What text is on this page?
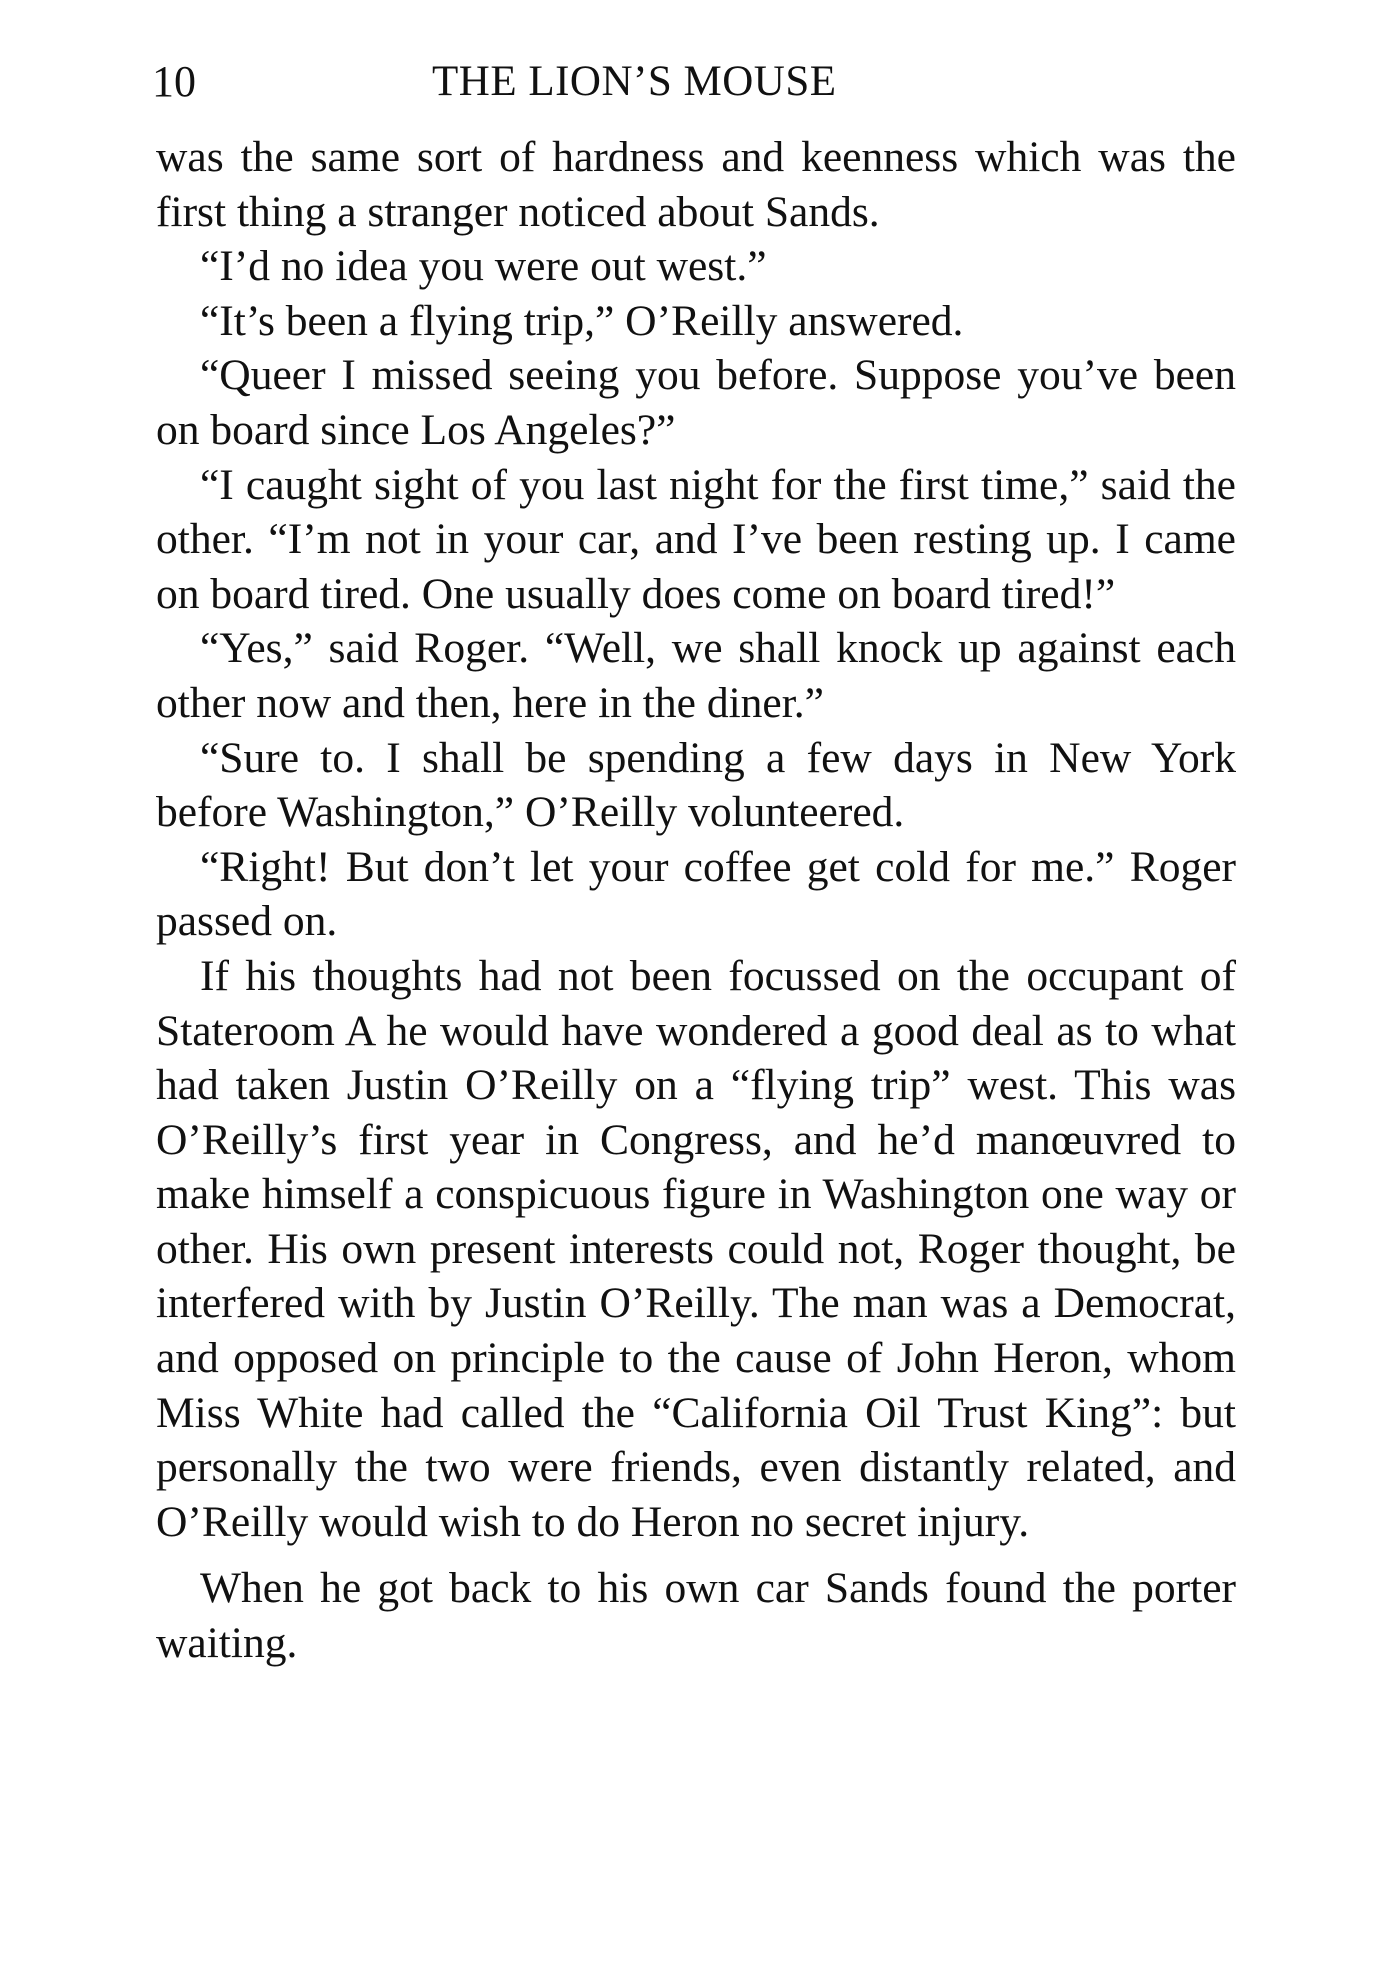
10	THE LION’S MOUSE

was the same sort of hardness and keenness which was the first thing a stranger noticed about Sands.

“I’d no idea you were out west.”

“It’s been a flying trip,” O’Reilly answered.

“Queer I missed seeing you before. Suppose you’ve been on board since Los Angeles?”

“I caught sight of you last night for the first time,” said the other. “I’m not in your car, and I’ve been resting up. I came on board tired. One usually does come on board tired!”

“Yes,” said Roger. “Well, we shall knock up against each other now and then, here in the diner.”

“Sure to. I shall be spending a few days in New York before Washington,” O’Reilly volunteered.

“Right! But don’t let your coffee get cold for me.” Roger passed on.

If his thoughts had not been focussed on the occupant of Stateroom A he would have wondered a good deal as to what had taken Justin O’Reilly on a “flying trip” west. This was O’Reilly’s first year in Congress, and he’d manœuvred to make himself a conspicuous figure in Washington one way or other. His own present interests could not, Roger thought, be interfered with by Justin O’Reilly. The man was a Democrat, and opposed on principle to the cause of John Heron, whom Miss White had called the “California Oil Trust King”: but personally the two were friends, even distantly related, and O’Reilly would wish to do Heron no secret injury.

When he got back to his own car Sands found the porter waiting.
